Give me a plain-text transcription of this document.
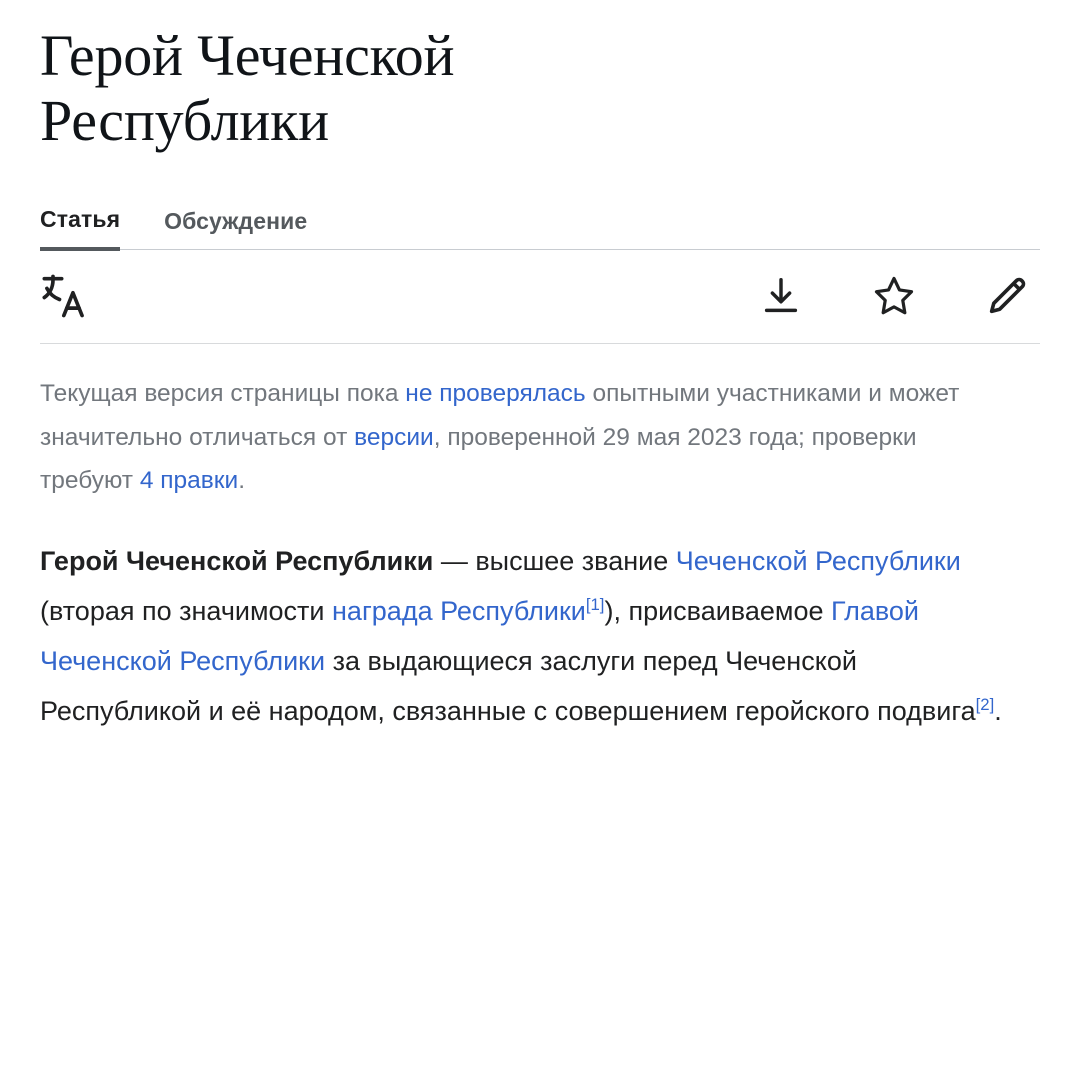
Герой Чеченской Республики
Статья Обсуждение

Текущая версия страницы пока не проверялась опытными участниками и может значительно отличаться от версии, проверенной 29 мая 2023 года; проверки требуют 4 правки.

Герой Чеченской Республики — высшее звание Чеченской Республики (вторая по значимости награда Республики[1]), присваиваемое Главой Чеченской Республики за выдающиеся заслуги перед Чеченской Республикой и её народом, связанные с совершением геройского подвига[2].
